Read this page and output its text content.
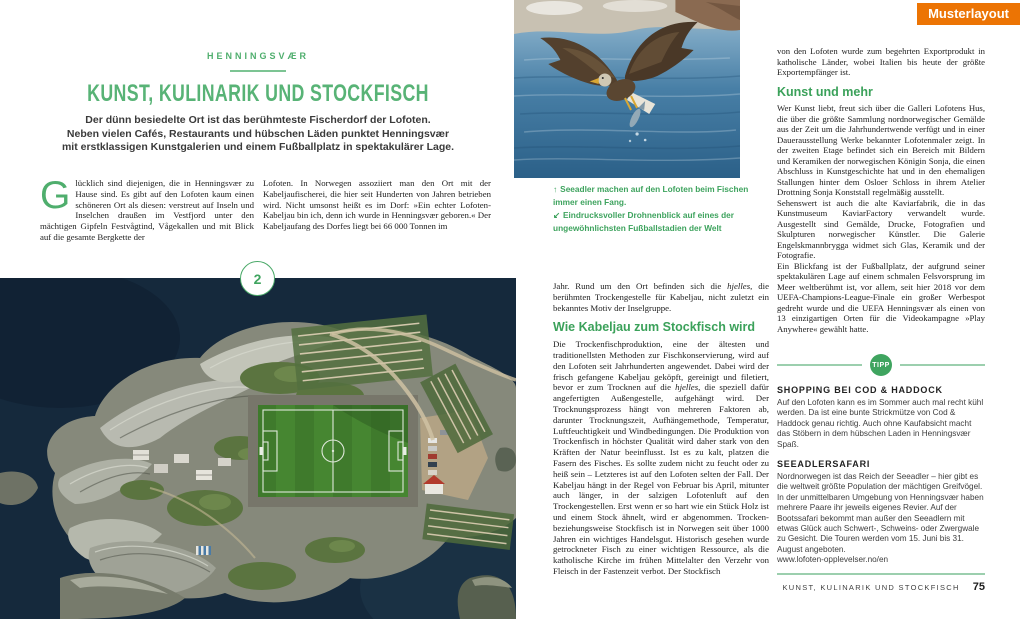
Musterlayout
HENNINGSVÆR
KUNST, KULINARIK UND STOCKFISCH
Der dünn besiedelte Ort ist das berühmteste Fischerdorf der Lofoten.
Neben vielen Cafés, Restaurants und hübschen Läden punktet Henningsvær
mit erstklassigen Kunstgalerien und einem Fußballplatz in spektakulärer Lage.

Glücklich sind diejenigen, die in Henningsvær zu Hause sind. Es gibt auf den Lofoten kaum einen schöneren Ort als diesen: verstreut auf Inseln und Inselchen draußen im Vestfjord unter den mächtigen Gipfeln Festvågtind, Vågekallen und mit Blick auf die gesamte Bergkette der

Lofoten. In Norwegen assoziiert man den Ort mit der Kabeljaufischerei, die hier seit Hunderten von Jahren betrieben wird. Nicht umsonst heißt es im Dorf: »Ein echter Lofoten-Kabeljau bin ich, denn ich wurde in Henningsvær geboren.« Der Kabeljaufang des Dorfes liegt bei 66 000 Tonnen im

↑ Seeadler machen auf den Lofoten beim Fischen immer einen Fang.

↙ Eindrucksvoller Drohnenblick auf eines der ungewöhnlichsten Fußballstadien der Welt

Jahr. Rund um den Ort befinden sich die hjelles, die berühmten Trockengestelle für Kabeljau, nicht zuletzt ein bekanntes Motiv der Inselgruppe.

Wie Kabeljau zum Stockfisch wird

Die Trockenfischproduktion, eine der ältesten und traditionellsten Methoden zur Fischkonservierung, wird auf den Lofoten seit Jahrhunderten angewendet. Dabei wird der frisch gefangene Kabeljau geköpft, gereinigt und filetiert, bevor er zum Trocknen auf die hjelles, die speziell dafür angefertigten Außengestelle, aufgehängt wird. Der Trocknungsprozess hängt von mehreren Faktoren ab, darunter Trocknungszeit, Aufhängemethode, Temperatur, Luftfeuchtigkeit und Windbedingungen. Die Produktion von Trockenfisch in höchster Qualität wird daher stark von den Kräften der Natur beeinflusst. Ist es zu kalt, platzen die Fasern des Fisches. Es sollte zudem nicht zu feucht oder zu heiß sein – Letzteres ist auf den Lofoten selten der Fall. Der Kabeljau hängt in der Regel von Februar bis April, mitunter auch länger, in der salzigen Lofotenluft auf den Trockengestellen. Erst wenn er so hart wie ein Stück Holz ist und einem Stock ähnelt, wird er abgenommen. Trocken- beziehungsweise Stockfisch ist in Norwegen seit über 1000 Jahren ein wichtiges Handelsgut. Historisch gesehen wurde getrockneter Fisch zu einer wichtigen Ressource, als die katholische Kirche im frühen Mittelalter den Verzehr von Fleisch in der Fastenzeit verbot. Der Stockfisch

von den Lofoten wurde zum begehrten Exportprodukt in katholische Länder, wobei Italien bis heute der größte Exportempfänger ist.

Kunst und mehr

Wer Kunst liebt, freut sich über die Galleri Lofotens Hus, die über die größte Sammlung nordnorwegischer Gemälde aus der Zeit um die Jahrhundertwende verfügt und in einer Dauerausstellung Werke bekannter Lofotenmaler zeigt. In der zweiten Etage befindet sich ein Bereich mit Bildern und Keramiken der norwegischen Königin Sonja, die einen Abschluss in Kunstgeschichte hat und in den ehemaligen Stallungen hinter dem Osloer Schloss in ihrem Atelier Drottning Sonja Konststall regelmäßig ausstellt.

Sehenswert ist auch die alte Kaviarfabrik, die in das Kunstmuseum KaviarFactory verwandelt wurde. Ausgestellt sind Gemälde, Drucke, Fotografien und Skulpturen norwegischer Künstler. Die Galerie Engelskmannbrygga widmet sich Glas, Keramik und der Fotografie.

Ein Blickfang ist der Fußballplatz, der aufgrund seiner spektakulären Lage auf einem schmalen Felsvorsprung im Meer weltberühmt ist, vor allem, seit hier 2018 vor dem UEFA-Champions-League-Finale ein großer Werbespot gedreht wurde und die UEFA Henningsvær als einen von 13 einzigartigen Orten für die Videokampagne »Play Anywhere« gewählt hatte.

TIPP
SHOPPING BEI COD & HADDOCK

Auf den Lofoten kann es im Sommer auch mal recht kühl werden. Da ist eine bunte Strickmütze von Cod & Haddock genau richtig. Auch ohne Kaufabsicht macht das Stöbern in dem hübschen Laden in Henningsvær Spaß.

SEEADLERSAFARI

Nordnorwegen ist das Reich der Seeadler – hier gibt es die weltweit größte Population der mächtigen Greifvögel. In der unmittelbaren Umgebung von Henningsvær haben mehrere Paare ihr jeweils eigenes Revier. Auf der Bootssafari bekommt man außer den Seeadlern mit etwas Glück auch Schwert-, Schweins- oder Zwergwale zu Gesicht. Die Touren werden vom 15. Juni bis 31. August angeboten.

www.lofoten-opplevelser.no/en
KUNST, KULINARIK UND STOCKFISCH 75
2
